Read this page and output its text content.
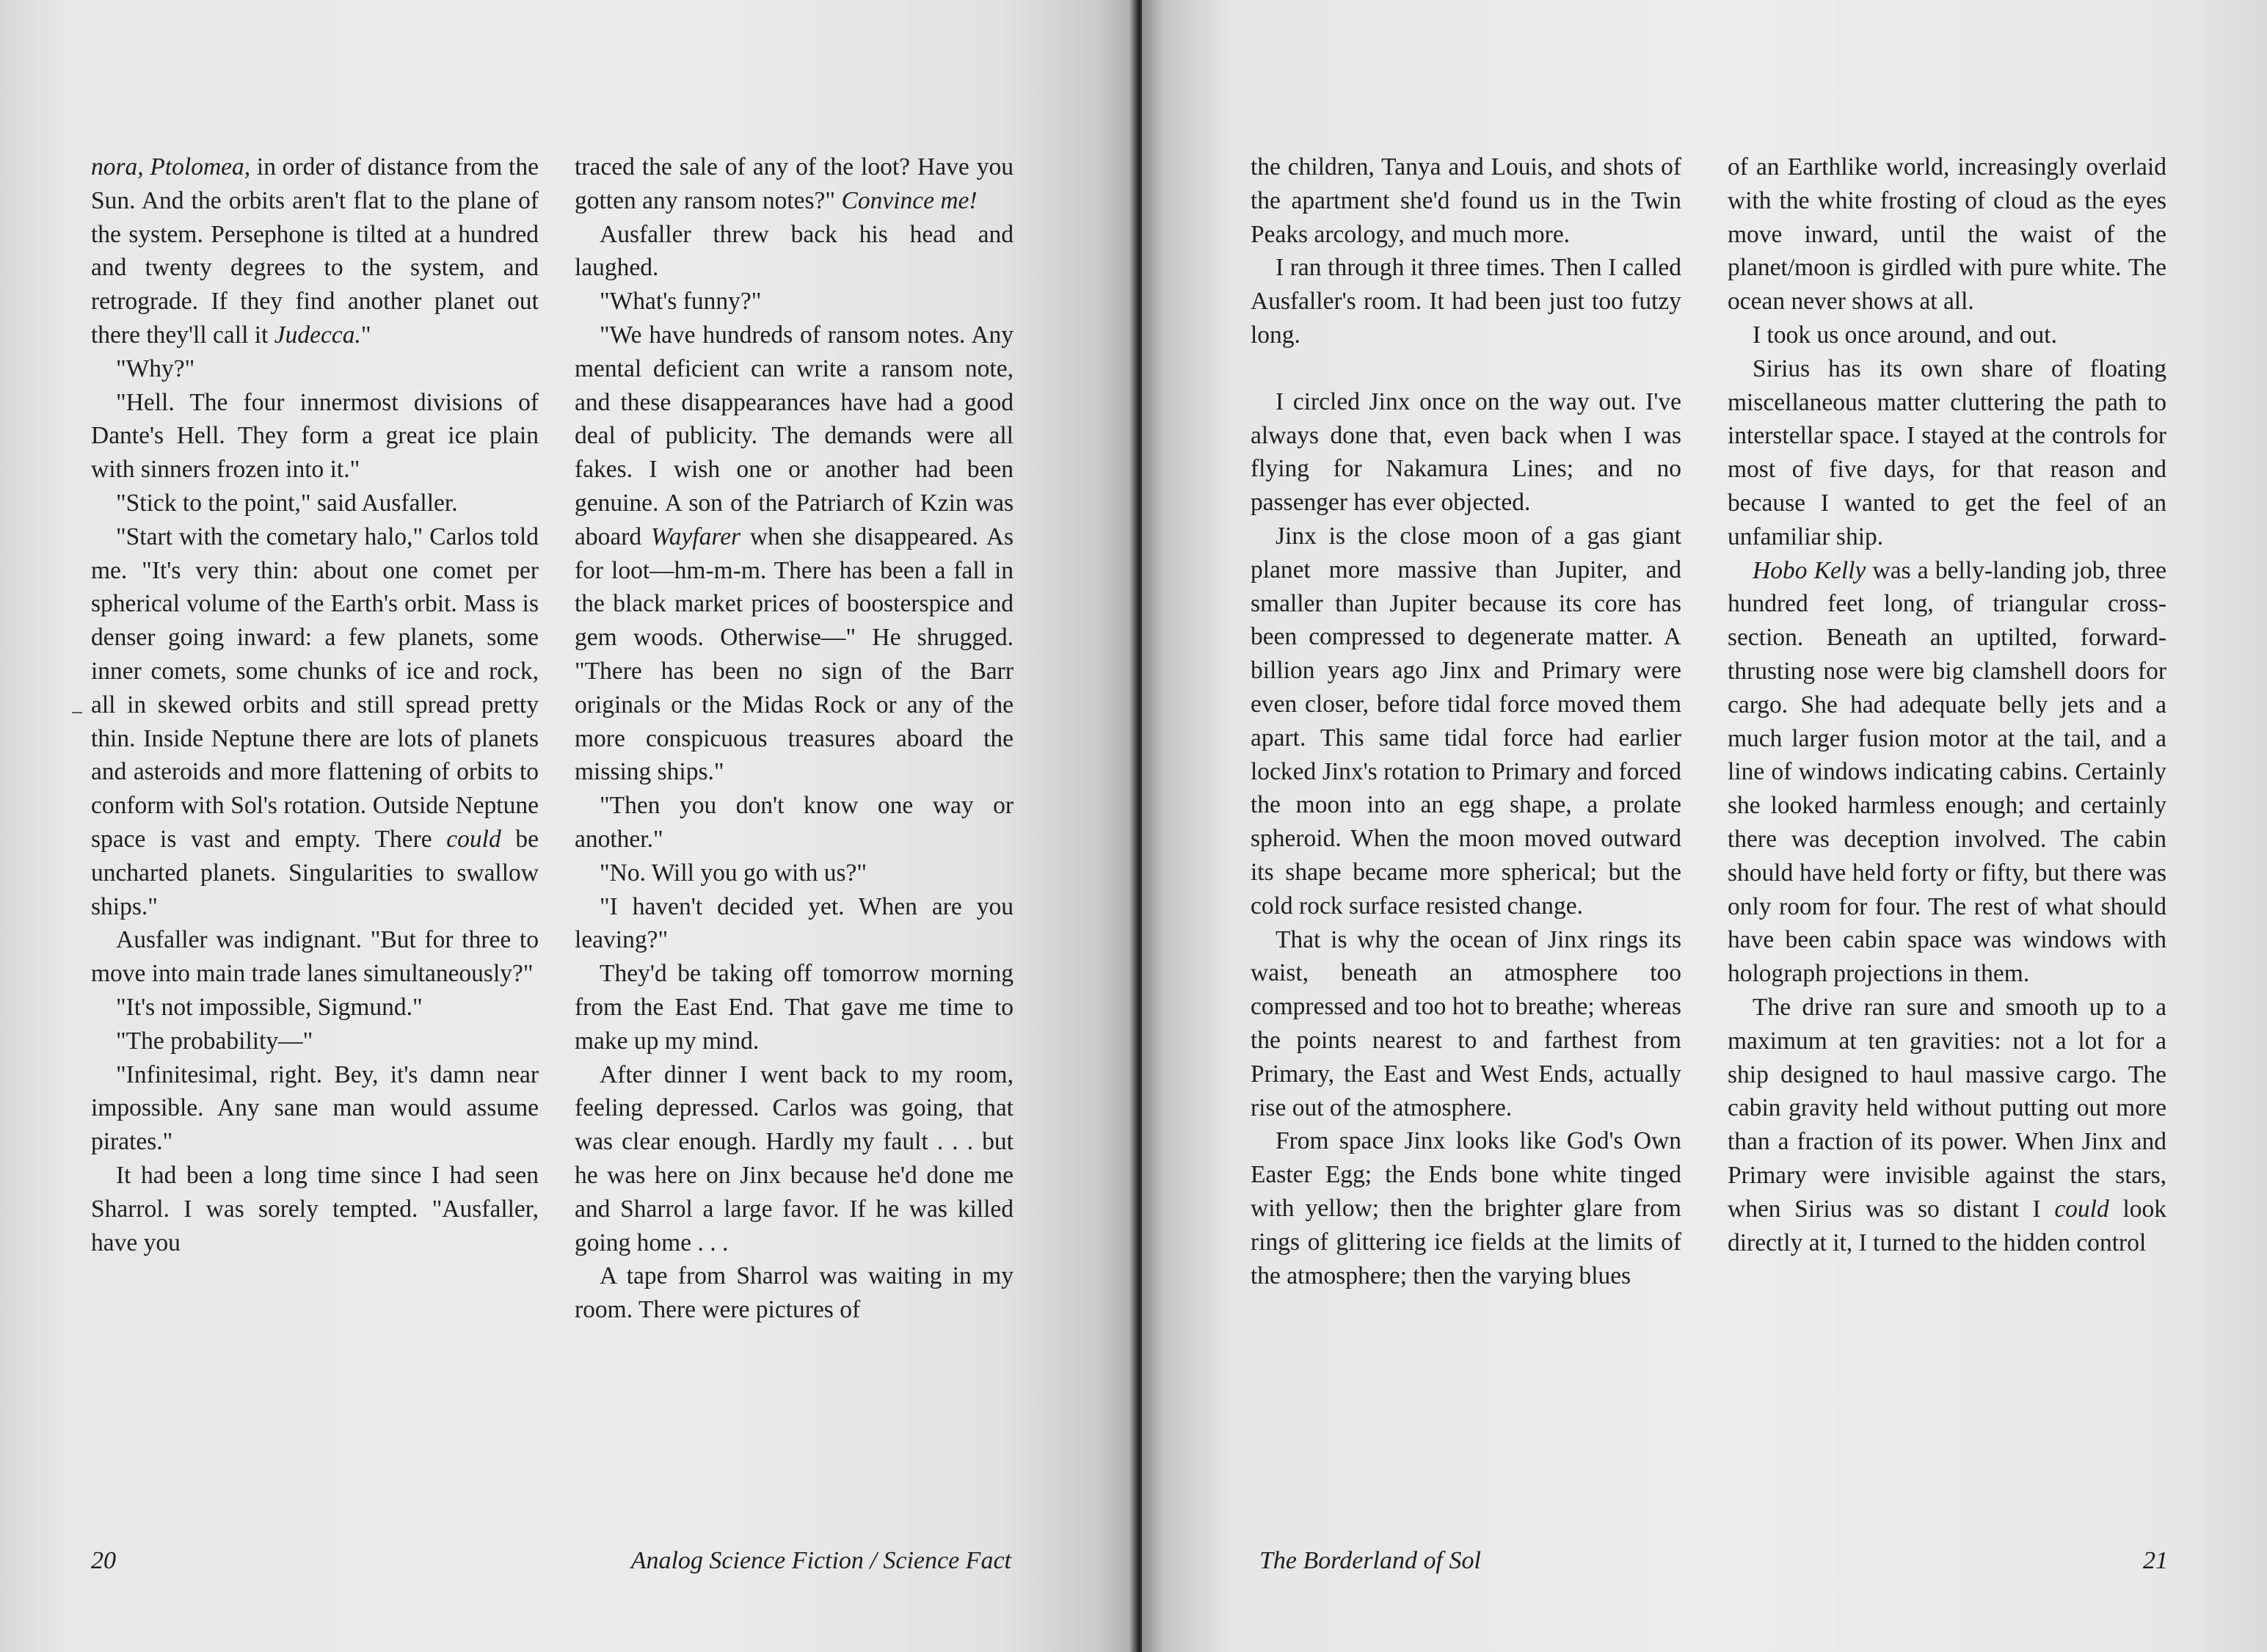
nora, Ptolomea, in order of distance from the Sun. And the orbits aren't flat to the plane of the system. Persephone is tilted at a hundred and twenty degrees to the system, and retrograde. If they find another planet out there they'll call it Judecca."

"Why?"

"Hell. The four innermost divisions of Dante's Hell. They form a great ice plain with sinners frozen into it."

"Stick to the point," said Ausfaller.

"Start with the cometary halo," Carlos told me. "It's very thin: about one comet per spherical volume of the Earth's orbit. Mass is denser going inward: a few planets, some inner comets, some chunks of ice and rock, all in skewed orbits and still spread pretty thin. Inside Neptune there are lots of planets and asteroids and more flattening of orbits to conform with Sol's rotation. Outside Neptune space is vast and empty. There could be uncharted planets. Singularities to swallow ships."

Ausfaller was indignant. "But for three to move into main trade lanes simultaneously?"

"It's not impossible, Sigmund."

"The probability—"

"Infinitesimal, right. Bey, it's damn near impossible. Any sane man would assume pirates."

It had been a long time since I had seen Sharrol. I was sorely tempted. "Ausfaller, have you

traced the sale of any of the loot? Have you gotten any ransom notes?" Convince me!

Ausfaller threw back his head and laughed.

"What's funny?"

"We have hundreds of ransom notes. Any mental deficient can write a ransom note, and these disappearances have had a good deal of publicity. The demands were all fakes. I wish one or another had been genuine. A son of the Patriarch of Kzin was aboard Wayfarer when she disappeared. As for loot—hm-m-m. There has been a fall in the black market prices of boosterspice and gem woods. Otherwise—" He shrugged. "There has been no sign of the Barr originals or the Midas Rock or any of the more conspicuous treasures aboard the missing ships."

"Then you don't know one way or another."

"No. Will you go with us?"

"I haven't decided yet. When are you leaving?"

They'd be taking off tomorrow morning from the East End. That gave me time to make up my mind.

After dinner I went back to my room, feeling depressed. Carlos was going, that was clear enough. Hardly my fault . . . but he was here on Jinx because he'd done me and Sharrol a large favor. If he was killed going home . . .

A tape from Sharrol was waiting in my room. There were pictures of

20	Analog Science Fiction / Science Fact

the children, Tanya and Louis, and shots of the apartment she'd found us in the Twin Peaks arcology, and much more.

I ran through it three times. Then I called Ausfaller's room. It had been just too futzy long.

I circled Jinx once on the way out. I've always done that, even back when I was flying for Nakamura Lines; and no passenger has ever objected.

Jinx is the close moon of a gas giant planet more massive than Jupiter, and smaller than Jupiter because its core has been compressed to degenerate matter. A billion years ago Jinx and Primary were even closer, before tidal force moved them apart. This same tidal force had earlier locked Jinx's rotation to Primary and forced the moon into an egg shape, a prolate spheroid. When the moon moved outward its shape became more spherical; but the cold rock surface resisted change.

That is why the ocean of Jinx rings its waist, beneath an atmosphere too compressed and too hot to breathe; whereas the points nearest to and farthest from Primary, the East and West Ends, actually rise out of the atmosphere.

From space Jinx looks like God's Own Easter Egg; the Ends bone white tinged with yellow; then the brighter glare from rings of glittering ice fields at the limits of the atmosphere; then the varying blues

of an Earthlike world, increasingly overlaid with the white frosting of cloud as the eyes move inward, until the waist of the planet/moon is girdled with pure white. The ocean never shows at all.

I took us once around, and out.

Sirius has its own share of floating miscellaneous matter cluttering the path to interstellar space. I stayed at the controls for most of five days, for that reason and because I wanted to get the feel of an unfamiliar ship.

Hobo Kelly was a belly-landing job, three hundred feet long, of triangular cross-section. Beneath an uptilted, forward-thrusting nose were big clamshell doors for cargo. She had adequate belly jets and a much larger fusion motor at the tail, and a line of windows indicating cabins. Certainly she looked harmless enough; and certainly there was deception involved. The cabin should have held forty or fifty, but there was only room for four. The rest of what should have been cabin space was windows with holograph projections in them.

The drive ran sure and smooth up to a maximum at ten gravities: not a lot for a ship designed to haul massive cargo. The cabin gravity held without putting out more than a fraction of its power. When Jinx and Primary were invisible against the stars, when Sirius was so distant I could look directly at it, I turned to the hidden control

The Borderland of Sol	21
